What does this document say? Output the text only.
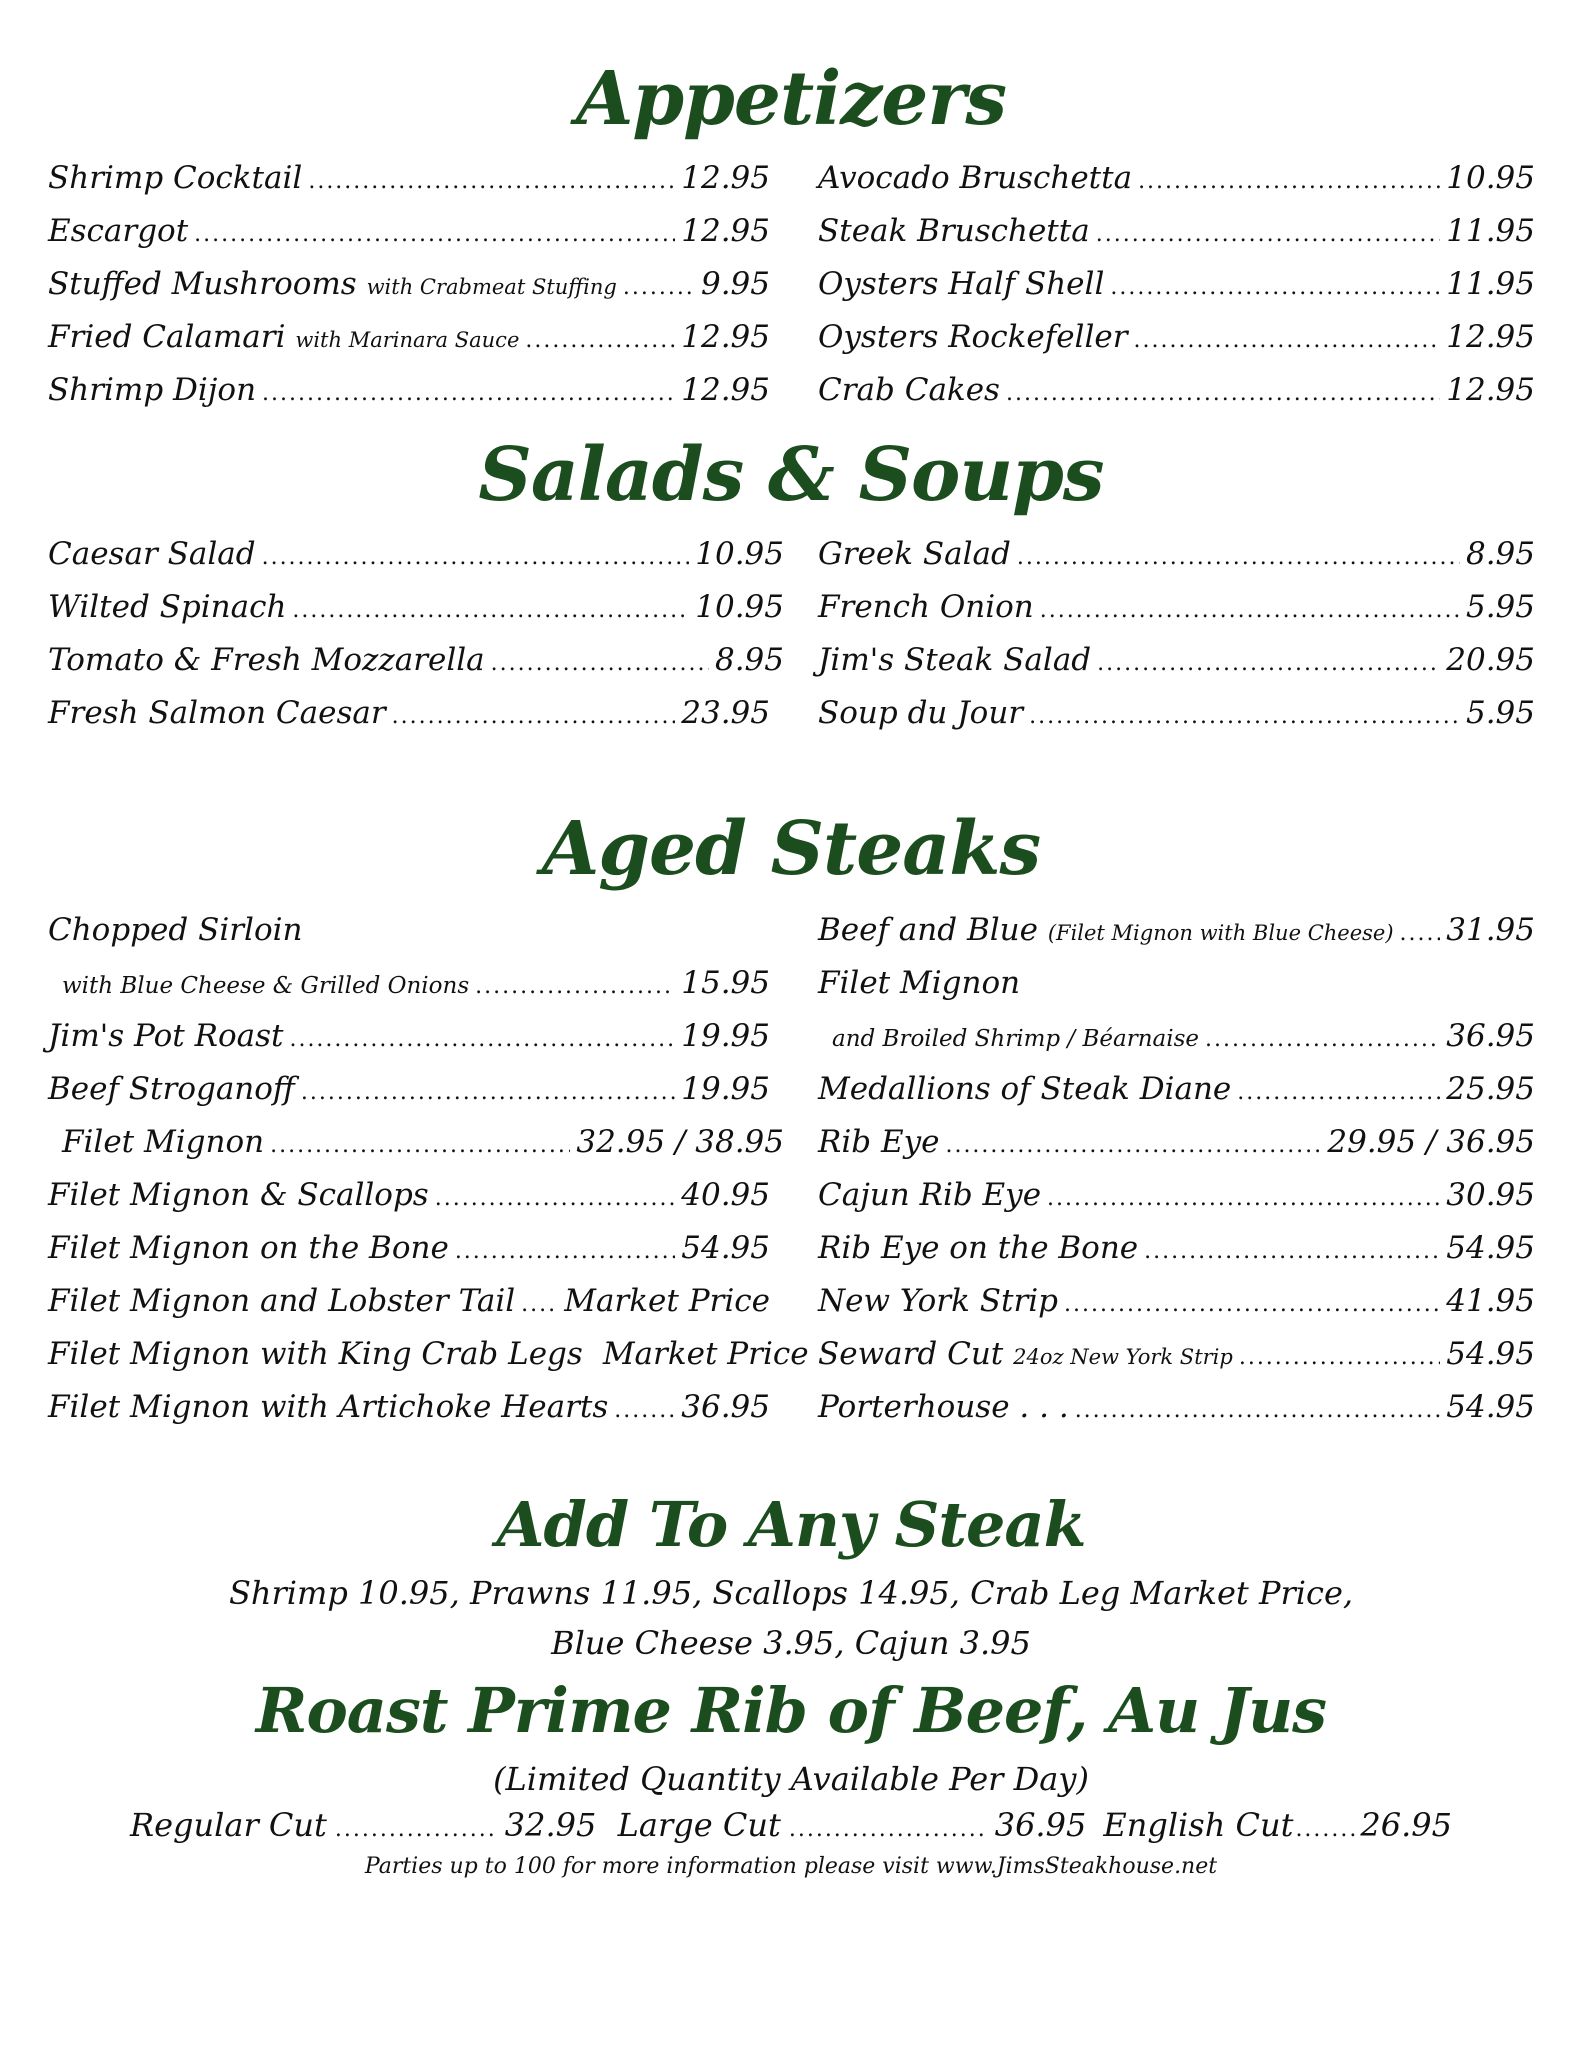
Appetizers
Shrimp Cocktail .....	12.95
Escargot .....	12.95
Stuffed Mushrooms with Crabmeat Stuffing .....	9.95
Fried Calamari with Marinara Sauce .....	12.95
Shrimp Dijon .....	12.95
Avocado Bruschetta .....	10.95
Steak Bruschetta .....	11.95
Oysters Half Shell .....	11.95
Oysters Rockefeller .....	12.95
Crab Cakes .....	12.95
Salads & Soups
Caesar Salad .....	10.95
Wilted Spinach .....	10.95
Tomato & Fresh Mozzarella .....	8.95
Fresh Salmon Caesar .....	23.95
Greek Salad .....	8.95
French Onion .....	5.95
Jim's Steak Salad .....	20.95
Soup du Jour .....	5.95
Aged Steaks
Chopped Sirloin
with Blue Cheese & Grilled Onions .....	15.95
Jim's Pot Roast .....	19.95
Beef Stroganoff .....	19.95
Filet Mignon .....	32.95 / 38.95
Filet Mignon & Scallops .....	40.95
Filet Mignon on the Bone .....	54.95
Filet Mignon and Lobster Tail ..... Market Price
Filet Mignon with King Crab Legs Market Price
Filet Mignon with Artichoke Hearts ..... 36.95
Beef and Blue (Filet Mignon with Blue Cheese) ..... 31.95
Filet Mignon
and Broiled Shrimp / Béarnaise .....	36.95
Medallions of Steak Diane .....	25.95
Rib Eye .....	29.95 / 36.95
Cajun Rib Eye .....	30.95
Rib Eye on the Bone .....	54.95
New York Strip .....	41.95
Seward Cut 24oz New York Strip .....	54.95
Porterhouse . . . .....	54.95
Add To Any Steak
Shrimp 10.95, Prawns 11.95, Scallops 14.95, Crab Leg Market Price,
Blue Cheese 3.95, Cajun 3.95
Roast Prime Rib of Beef, Au Jus
(Limited Quantity Available Per Day)
Regular Cut .................. 32.95 Large Cut ...................... 36.95 English Cut ....... 26.95
Parties up to 100 for more information please visit www.JimsSteakhouse.net
